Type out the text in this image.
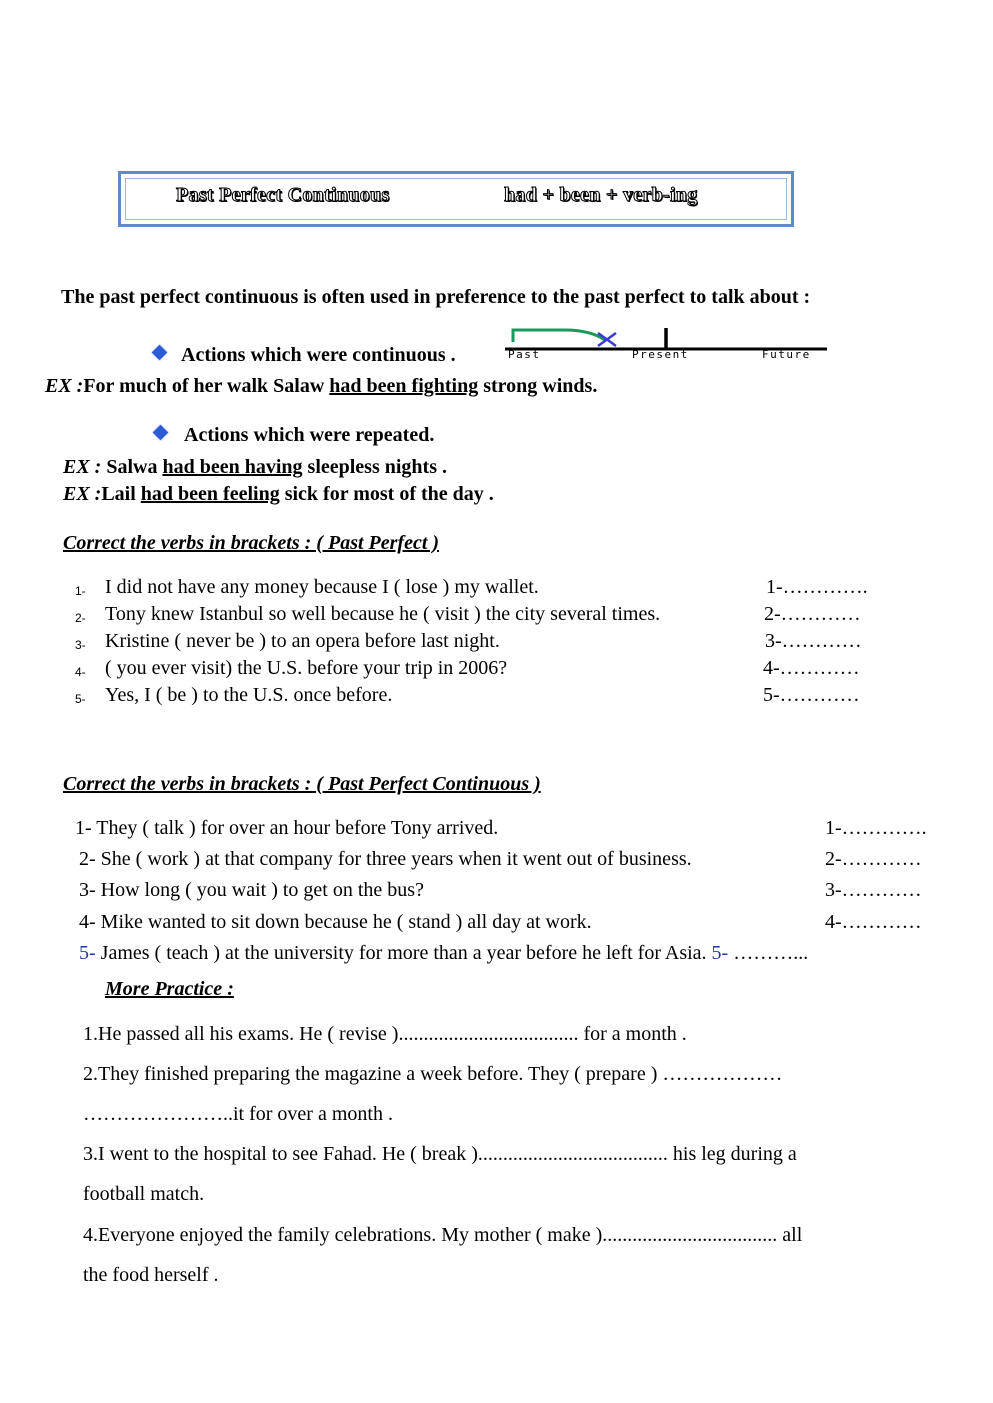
Past Perfect Continuous	had + been + verb-ing
The past perfect continuous is often used in preference to the past perfect to talk about :
Actions which were continuous .	Past	Present	Future
EX :For much of her walk Salaw had been fighting strong winds.
Actions which were repeated.
EX : Salwa had been having sleepless nights .
EX :Lail had been feeling sick for most of the day .
Correct the verbs in brackets : ( Past Perfect )
1- I did not have any money because I ( lose ) my wallet.	1-………….
2- Tony knew Istanbul so well because he ( visit ) the city several times.	2-…………
3- Kristine ( never be ) to an opera before last night.	3-…………
4- ( you ever visit) the U.S. before your trip in 2006?	4-…………
5- Yes, I ( be ) to the U.S. once before.	5-…………
Correct the verbs in brackets : ( Past Perfect Continuous )
1- They ( talk ) for over an hour before Tony arrived.	1-………….
2- She ( work ) at that company for three years when it went out of business.	2-…………
3- How long ( you wait ) to get on the bus?	3-…………
4- Mike wanted to sit down because he ( stand ) all day at work.	4-…………
5- James ( teach ) at the university for more than a year before he left for Asia. 5- ………...
More Practice :
1.He passed all his exams. He ( revise ).................................... for a month .
2.They finished preparing the magazine a week before. They ( prepare ) ………………
…………………..it for over a month .
3.I went to the hospital to see Fahad. He ( break )...................................... his leg during a
football match.
4.Everyone enjoyed the family celebrations. My mother ( make )................................... all
the food herself .
